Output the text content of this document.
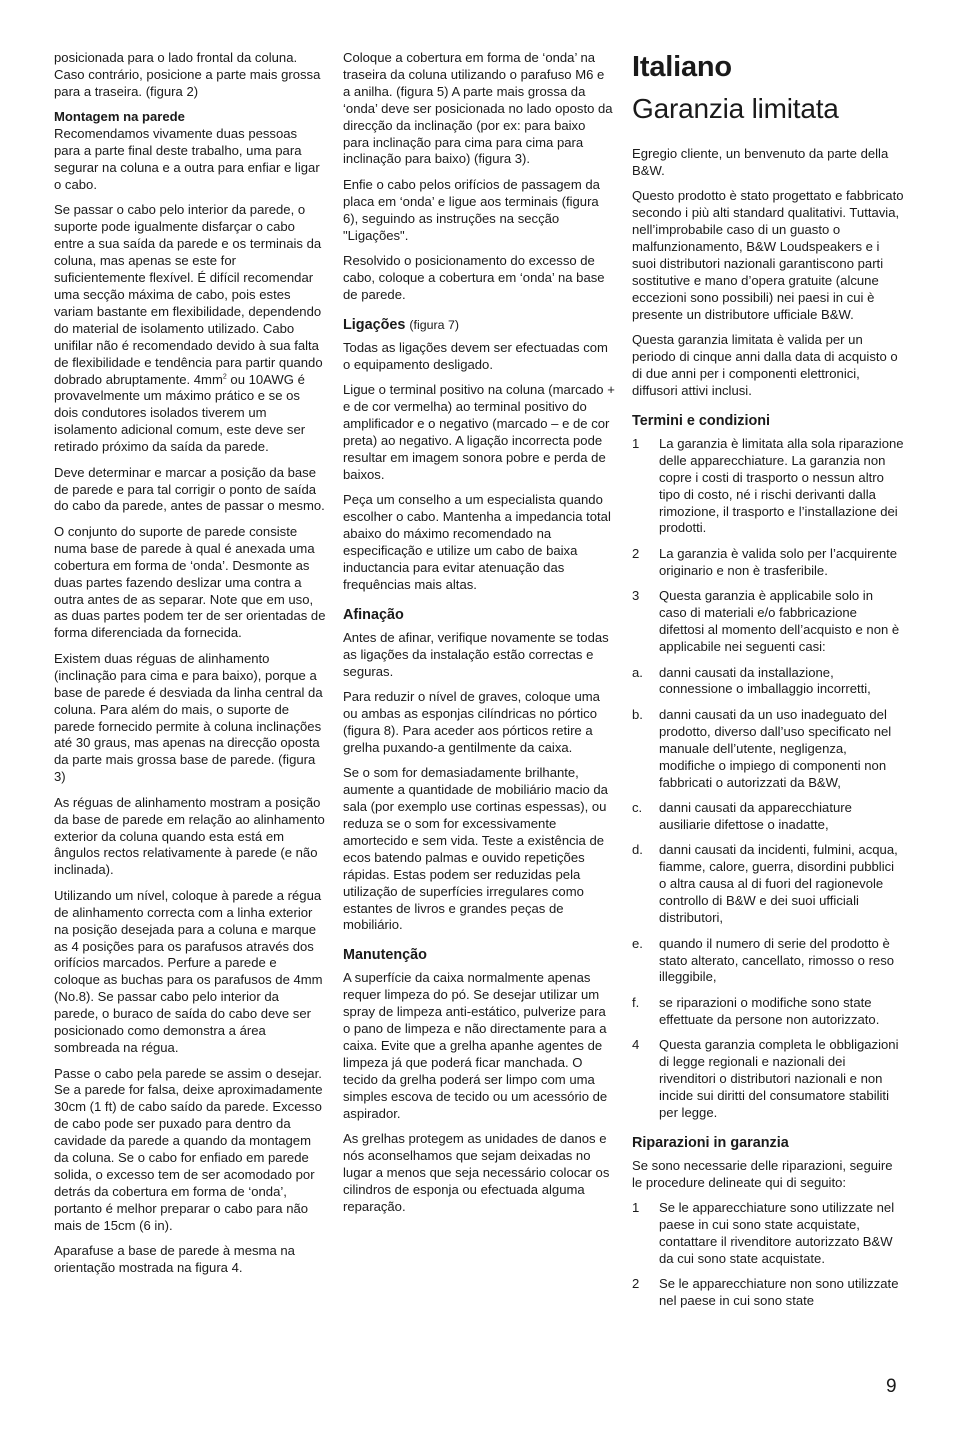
posicionada para o lado frontal da coluna. Caso contrário, posicione a parte mais grossa para a traseira. (figura 2)

Montagem na parede

Recomendamos vivamente duas pessoas para a parte final deste trabalho, uma para segurar na coluna e a outra para enfiar e ligar o cabo.

Se passar o cabo pelo interior da parede, o suporte pode igualmente disfarçar o cabo entre a sua saída da parede e os terminais da coluna, mas apenas se este for suficientemente flexível. É difícil recomendar uma secção máxima de cabo, pois estes variam bastante em flexibilidade, dependendo do material de isolamento utilizado. Cabo unifilar não é recomendado devido à sua falta de flexibilidade e tendência para partir quando dobrado abruptamente. $4mm^2$ ou 10AWG é provavelmente um máximo prático e se os dois condutores isolados tiverem um isolamento adicional comum, este deve ser retirado próximo da saída da parede.

Deve determinar e marcar a posição da base de parede e para tal corrigir o ponto de saída do cabo da parede, antes de passar o mesmo.

O conjunto do suporte de parede consiste numa base de parede à qual é anexada uma cobertura em forma de ‘onda’. Desmonte as duas partes fazendo deslizar uma contra a outra antes de as separar. Note que em uso, as duas partes podem ter de ser orientadas de forma diferenciada da fornecida.

Existem duas réguas de alinhamento (inclinação para cima e para baixo), porque a base de parede é desviada da linha central da coluna. Para além do mais, o suporte de parede fornecido permite à coluna inclinações até 30 graus, mas apenas na direcção oposta da parte mais grossa base de parede. (figura 3)

As réguas de alinhamento mostram a posição da base de parede em relação ao alinhamento exterior da coluna quando esta está em ângulos rectos relativamente à parede (e não inclinada).

Utilizando um nível, coloque à parede a régua de alinhamento correcta com a linha exterior na posição desejada para a coluna e marque as 4 posições para os parafusos através dos orifícios marcados. Perfure a parede e coloque as buchas para os parafusos de 4mm (No.8). Se passar cabo pelo interior da parede, o buraco de saída do cabo deve ser posicionado como demonstra a área sombreada na régua.

Passe o cabo pela parede se assim o desejar. Se a parede for falsa, deixe aproximadamente 30cm (1 ft) de cabo saído da parede. Excesso de cabo pode ser puxado para dentro da cavidade da parede a quando da montagem da coluna. Se o cabo for enfiado em parede solida, o excesso tem de ser acomodado por detrás da cobertura em forma de ‘onda’, portanto é melhor preparar o cabo para não mais de 15cm (6 in).

Aparafuse a base de parede à mesma na orientação mostrada na figura 4.

Coloque a cobertura em forma de ‘onda’ na traseira da coluna utilizando o parafuso M6 e a anilha. (figura 5) A parte mais grossa da ‘onda’ deve ser posicionada no lado oposto da direcção da inclinação (por ex: para baixo para inclinação para cima para cima para inclinação para baixo) (figura 3).

Enfie o cabo pelos orifícios de passagem da placa em ‘onda’ e ligue aos terminais (figura 6), seguindo as instruções na secção "Ligações".

Resolvido o posicionamento do excesso de cabo, coloque a cobertura em ‘onda’ na base de parede.

Ligações (figura 7)

Todas as ligações devem ser efectuadas com o equipamento desligado.

Ligue o terminal positivo na coluna (marcado + e de cor vermelha) ao terminal positivo do amplificador e o negativo (marcado – e de cor preta) ao negativo. A ligação incorrecta pode resultar em imagem sonora pobre e perda de baixos.

Peça um conselho a um especialista quando escolher o cabo. Mantenha a impedancia total abaixo do máximo recomendado na especificação e utilize um cabo de baixa inductancia para evitar atenuação das frequências mais altas.

Afinação

Antes de afinar, verifique novamente se todas as ligações da instalação estão correctas e seguras.

Para reduzir o nível de graves, coloque uma ou ambas as esponjas cilíndricas no pórtico (figura 8). Para aceder aos pórticos retire a grelha puxando-a gentilmente da caixa.

Se o som for demasiadamente brilhante, aumente a quantidade de mobiliário macio da sala (por exemplo use cortinas espessas), ou reduza se o som for excessivamente amortecido e sem vida. Teste a existência de ecos batendo palmas e ouvido repetições rápidas. Estas podem ser reduzidas pela utilização de superfícies irregulares como estantes de livros e grandes peças de mobiliário.

Manutenção

A superfície da caixa normalmente apenas requer limpeza do pó. Se desejar utilizar um spray de limpeza anti-estático, pulverize para o pano de limpeza e não directamente para a caixa. Evite que a grelha apanhe agentes de limpeza já que poderá ficar manchada. O tecido da grelha poderá ser limpo com uma simples escova de tecido ou um acessório de aspirador.

As grelhas protegem as unidades de danos e nós aconselhamos que sejam deixadas no lugar a menos que seja necessário colocar os cilindros de esponja ou efectuada alguma reparação.

Italiano
Garanzia limitata

Egregio cliente, un benvenuto da parte della B&W.

Questo prodotto è stato progettato e fabbricato secondo i più alti standard qualitativi. Tuttavia, nell’improbabile caso di un guasto o malfunzionamento, B&W Loudspeakers e i suoi distributori nazionali garantiscono parti sostitutive e mano d’opera gratuite (alcune eccezioni sono possibili) nei paesi in cui è presente un distributore ufficiale B&W.

Questa garanzia limitata è valida per un periodo di cinque anni dalla data di acquisto o di due anni per i componenti elettronici, diffusori attivi inclusi.

Termini e condizioni
1	La garanzia è limitata alla sola riparazione delle apparecchiature. La garanzia non copre i costi di trasporto o nessun altro tipo di costo, né i rischi derivanti dalla rimozione, il trasporto e l’installazione dei prodotti.
2	La garanzia è valida solo per l’acquirente originario e non è trasferibile.
3	Questa garanzia è applicabile solo in caso di materiali e/o fabbricazione difettosi al momento dell’acquisto e non è applicabile nei seguenti casi:
a.	danni causati da installazione, connessione o imballaggio incorretti,
b.	danni causati da un uso inadeguato del prodotto, diverso dall’uso specificato nel manuale dell’utente, negligenza, modifiche o impiego di componenti non fabbricati o autorizzati da B&W,
c.	danni causati da apparecchiature ausiliarie difettose o inadatte,
d.	danni causati da incidenti, fulmini, acqua, fiamme, calore, guerra, disordini pubblici o altra causa al di fuori del ragionevole controllo di B&W e dei suoi ufficiali distributori,
e.	quando il numero di serie del prodotto è stato alterato, cancellato, rimosso o reso illeggibile,
f.	se riparazioni o modifiche sono state effettuate da persone non autorizzato.
4	Questa garanzia completa le obbligazioni di legge regionali e nazionali dei rivenditori o distributori nazionali e non incide sui diritti del consumatore stabiliti per legge.
Riparazioni in garanzia

Se sono necessarie delle riparazioni, seguire le procedure delineate qui di seguito:

1	Se le apparecchiature sono utilizzate nel paese in cui sono state acquistate, contattare il rivenditore autorizzato B&W da cui sono state acquistate.
2	Se le apparecchiature non sono utilizzate nel paese in cui sono state
9
